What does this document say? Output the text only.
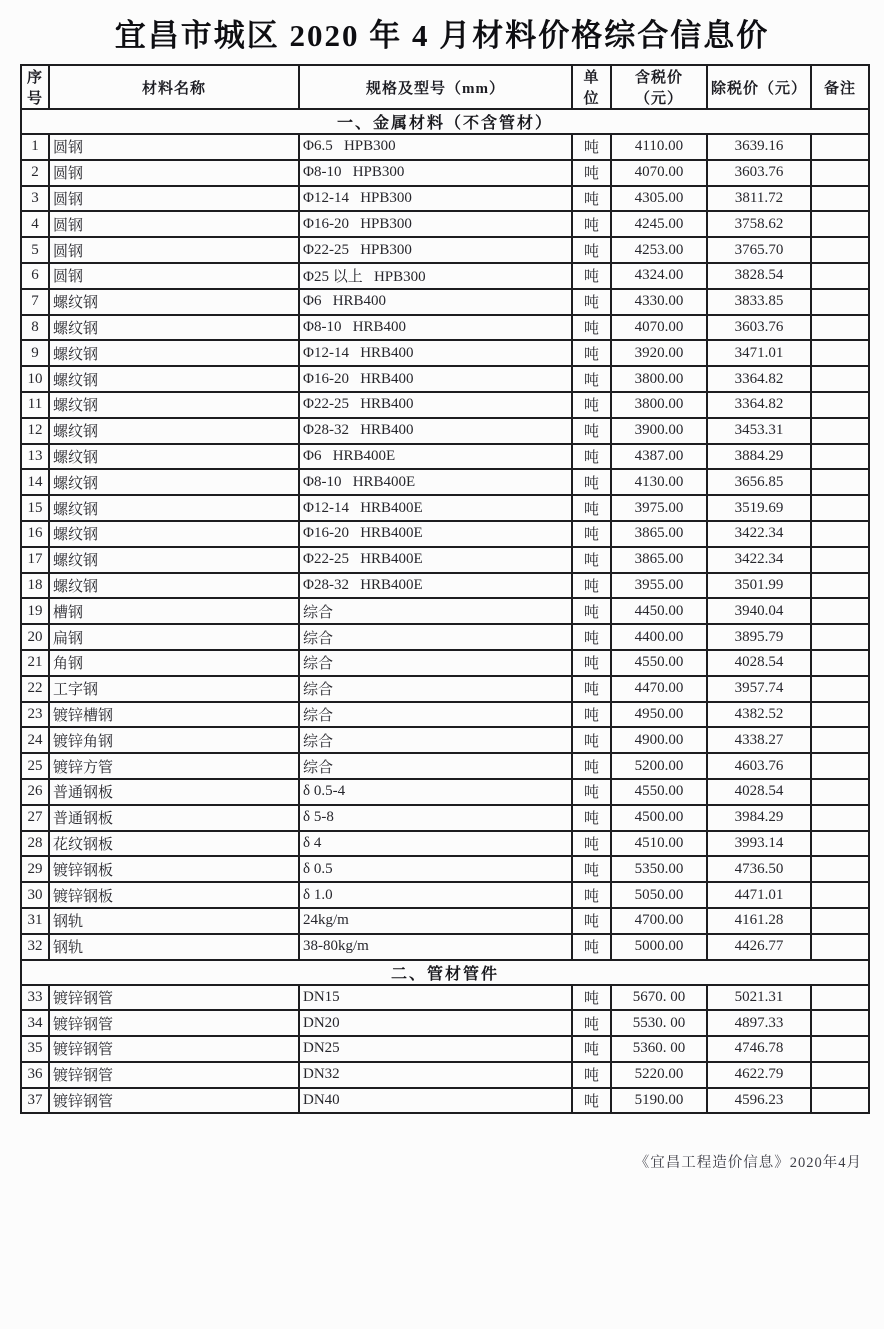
宜昌市城区 2020 年 4 月材料价格综合信息价
序号	材料名称	规格及型号（mm）	单位	含税价（元）	除税价（元）	备注
一、金属材料（不含管材）						
1	圆钢	Φ6.5   HPB300	吨	4110.00	3639.16	
2	圆钢	Φ8-10   HPB300	吨	4070.00	3603.76	
3	圆钢	Φ12-14   HPB300	吨	4305.00	3811.72	
4	圆钢	Φ16-20   HPB300	吨	4245.00	3758.62	
5	圆钢	Φ22-25   HPB300	吨	4253.00	3765.70	
6	圆钢	Φ25 以上   HPB300	吨	4324.00	3828.54	
7	螺纹钢	Φ6   HRB400	吨	4330.00	3833.85	
8	螺纹钢	Φ8-10   HRB400	吨	4070.00	3603.76	
9	螺纹钢	Φ12-14   HRB400	吨	3920.00	3471.01	
10	螺纹钢	Φ16-20   HRB400	吨	3800.00	3364.82	
11	螺纹钢	Φ22-25   HRB400	吨	3800.00	3364.82	
12	螺纹钢	Φ28-32   HRB400	吨	3900.00	3453.31	
13	螺纹钢	Φ6   HRB400E	吨	4387.00	3884.29	
14	螺纹钢	Φ8-10   HRB400E	吨	4130.00	3656.85	
15	螺纹钢	Φ12-14   HRB400E	吨	3975.00	3519.69	
16	螺纹钢	Φ16-20   HRB400E	吨	3865.00	3422.34	
17	螺纹钢	Φ22-25   HRB400E	吨	3865.00	3422.34	
18	螺纹钢	Φ28-32   HRB400E	吨	3955.00	3501.99	
19	槽钢	综合	吨	4450.00	3940.04	
20	扁钢	综合	吨	4400.00	3895.79	
21	角钢	综合	吨	4550.00	4028.54	
22	工字钢	综合	吨	4470.00	3957.74	
23	镀锌槽钢	综合	吨	4950.00	4382.52	
24	镀锌角钢	综合	吨	4900.00	4338.27	
25	镀锌方管	综合	吨	5200.00	4603.76	
26	普通钢板	δ 0.5-4	吨	4550.00	4028.54	
27	普通钢板	δ 5-8	吨	4500.00	3984.29	
28	花纹钢板	δ 4	吨	4510.00	3993.14	
29	镀锌钢板	δ 0.5	吨	5350.00	4736.50	
30	镀锌钢板	δ 1.0	吨	5050.00	4471.01	
31	钢轨	24kg/m	吨	4700.00	4161.28	
32	钢轨	38-80kg/m	吨	5000.00	4426.77	
二、管材管件						
33	镀锌钢管	DN15	吨	5670. 00	5021.31	
34	镀锌钢管	DN20	吨	5530. 00	4897.33	
35	镀锌钢管	DN25	吨	5360. 00	4746.78	
36	镀锌钢管	DN32	吨	5220.00	4622.79	
37	镀锌钢管	DN40	吨	5190.00	4596.23	
《宜昌工程造价信息》2020年4月
